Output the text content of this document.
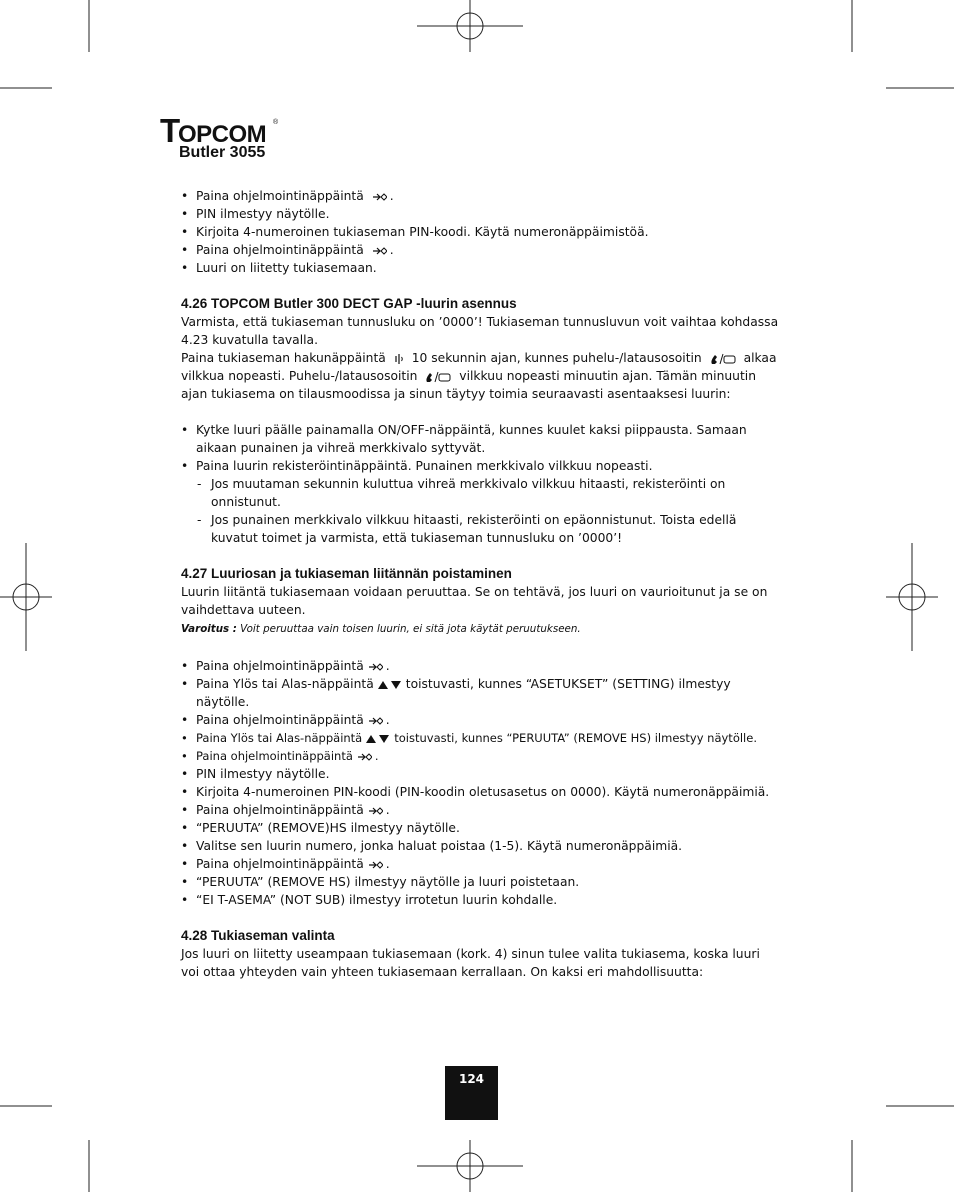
T
OPCOM ®
Butler 3055
• Paina ohjelmointinäppäintä .
• PIN ilmestyy näytölle.
• Kirjoita 4-numeroinen tukiaseman PIN-koodi. Käytä numeronäppäimistöä.
• Paina ohjelmointinäppäintä .
• Luuri on liitetty tukiasemaan.
4.26 TOPCOM Butler 300 DECT GAP -luurin asennus
Varmista, että tukiaseman tunnusluku on ’0000’! Tukiaseman tunnusluvun voit vaihtaa kohdassa 4.23 kuvatulla tavalla.
Paina tukiaseman hakunäppäintä 10 sekunnin ajan, kunnes puhelu-/latausosoitin	alkaa vilkkua nopeasti. Puhelu-/latausosoitin	vilkkuu nopeasti minuutin ajan. Tämän minuutin ajan tukiasema on tilausmoodissa ja sinun täytyy toimia seuraavasti asentaaksesi luurin:
• Kytke luuri päälle painamalla ON/OFF-näppäintä, kunnes kuulet kaksi piippausta. Samaan aikaan punainen ja vihreä merkkivalo syttyvät.
• Paina luurin rekisteröintinäppäintä. Punainen merkkivalo vilkkuu nopeasti.
- Jos muutaman sekunnin kuluttua vihreä merkkivalo vilkkuu hitaasti, rekisteröinti on onnistunut.
- Jos punainen merkkivalo vilkkuu hitaasti, rekisteröinti on epäonnistunut. Toista edellä kuvatut toimet ja varmista, että tukiaseman tunnusluku on ’0000’!
4.27 Luuriosan ja tukiaseman liitännän poistaminen
Luurin liitäntä tukiasemaan voidaan peruuttaa. Se on tehtävä, jos luuri on vaurioitunut ja se on vaihdettava uuteen.
Varoitus : Voit peruuttaa vain toisen luurin, ei sitä jota käytät peruutukseen.
• Paina ohjelmointinäppäintä .
• Paina Ylös tai Alas-näppäintä	toistuvasti, kunnes “ASETUKSET” (SETTING) ilmestyy näytölle.
• Paina ohjelmointinäppäintä .
• Paina Ylös tai Alas-näppäintä	toistuvasti, kunnes “PERUUTA” (REMOVE HS) ilmestyy näytölle.
• Paina ohjelmointinäppäintä .
• PIN ilmestyy näytölle.
• Kirjoita 4-numeroinen PIN-koodi (PIN-koodin oletusasetus on 0000). Käytä numeronäppäimiä.
• Paina ohjelmointinäppäintä .
• “PERUUTA” (REMOVE)HS ilmestyy näytölle.
• Valitse sen luurin numero, jonka haluat poistaa (1-5). Käytä numeronäppäimiä.
• Paina ohjelmointinäppäintä .
• “PERUUTA” (REMOVE HS) ilmestyy näytölle ja luuri poistetaan.
• “EI T-ASEMA” (NOT SUB) ilmestyy irrotetun luurin kohdalle.
4.28 Tukiaseman valinta
Jos luuri on liitetty useampaan tukiasemaan (kork. 4) sinun tulee valita tukiasema, koska luuri voi ottaa yhteyden vain yhteen tukiasemaan kerrallaan. On kaksi eri mahdollisuutta:
124
